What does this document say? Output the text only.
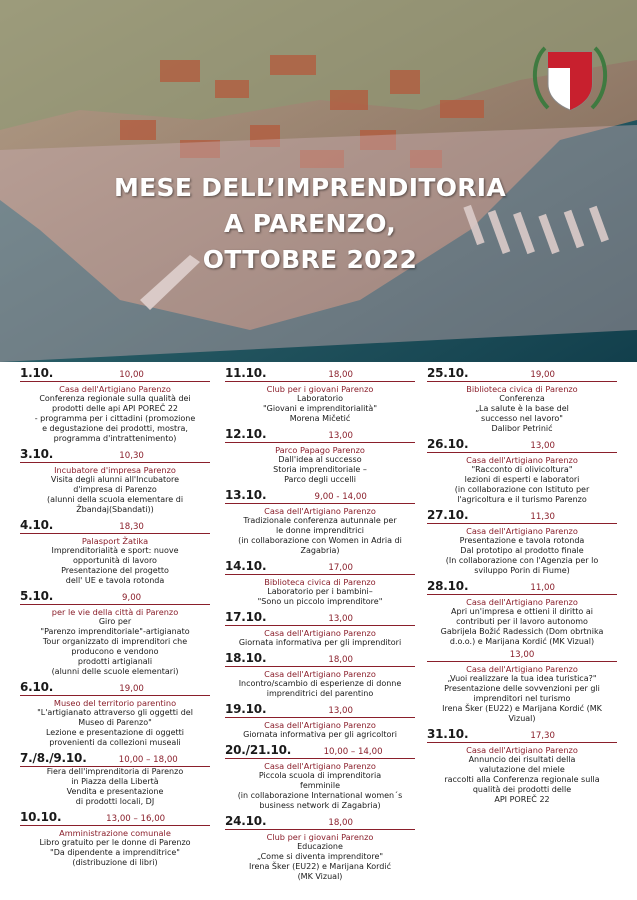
MESE DELL’IMPRENDITORIA
A PARENZO,
OTTOBRE 2022
1.10.	10,00
Casa dell'Artigiano Parenzo
Conferenza regionale sulla qualità dei
prodotti delle api API POREČ 22
- programma per i cittadini (promozione
e degustazione dei prodotti, mostra,
programma d'intrattenimento)
3.10.	10,30
Incubatore d'impresa Parenzo
Visita degli alunni all'Incubatore
d'impresa di Parenzo
(alunni della scuola elementare di
Žbandaj(Sbandati))
4.10.	18,30
Palasport Žatika
Imprenditorialità e sport: nuove
opportunità di lavoro
Presentazione del progetto
dell' UE e tavola rotonda
5.10.	9,00
per le vie della città di Parenzo
Giro per
"Parenzo imprenditoriale"-artigianato
Tour organizzato di imprenditori che
producono e vendono
prodotti artigianali
(alunni delle scuole elementari)
6.10.	19,00
Museo del territorio parentino
"L'artigianato attraverso gli oggetti del
Museo di Parenzo"
Lezione e presentazione di oggetti
provenienti da collezioni museali
7./8./9.10.	10,00 – 18,00
Fiera dell'imprenditoria di Parenzo
in Piazza della Libertà
Vendita e presentazione
di prodotti locali, DJ
10.10.	13,00 – 16,00
Amministrazione comunale
Libro gratuito per le donne di Parenzo
"Da dipendente a imprenditrice"
(distribuzione di libri)
11.10.	18,00
Club per i giovani Parenzo
Laboratorio
"Giovani e imprenditorialità"
Morena Mičetić
12.10.	13,00
Parco Papago Parenzo
Dall'idea al successo
Storia imprenditoriale –
Parco degli uccelli
13.10.	9,00 - 14,00
Casa dell'Artigiano Parenzo
Tradizionale conferenza autunnale per
le donne imprenditrici
(in collaborazione con Women in Adria di
Zagabria)
14.10.	17,00
Biblioteca civica di Parenzo
Laboratorio per i bambini–
"Sono un piccolo imprenditore"
17.10.	13,00
Casa dell'Artigiano Parenzo
Giornata informativa per gli imprenditori
18.10.	18,00
Casa dell'Artigiano Parenzo
Incontro/scambio di esperienze di donne
imprenditrici del parentino
19.10.	13,00
Casa dell'Artigiano Parenzo
Giornata informativa per gli agricoltori
20./21.10.	10,00 – 14,00
Casa dell'Artigiano Parenzo
Piccola scuola di imprenditoria
femminile
(in collaborazione International women´s
business network di Zagabria)
24.10.	18,00
Club per i giovani Parenzo
Educazione
„Come si diventa imprenditore"
Irena Šker (EU22) e Marijana Kordić
(MK Vizual)
25.10.	19,00
Biblioteca civica di Parenzo
Conferenza
„La salute è la base del
successo nel lavoro"
Dalibor Petrinić
26.10.	13,00
Casa dell'Artigiano Parenzo
"Racconto di olivicoltura"
lezioni di esperti e laboratori
(in collaborazione con Istituto per
l'agricoltura e il turismo Parenzo
27.10.	11,30
Casa dell'Artigiano Parenzo
Presentazione e tavola rotonda
Dal prototipo al prodotto finale
(In collaborazione con l'Agenzia per lo
sviluppo Porin di Fiume)
28.10.	11,00
Casa dell'Artigiano Parenzo
Apri un'impresa e ottieni il diritto ai
contributi per il lavoro autonomo
Gabrijela Božić Radessich (Dom obrtnika
d.o.o.) e Marijana Kordić (MK Vizual)
13,00
Casa dell'Artigiano Parenzo
„Vuoi realizzare la tua idea turistica?"
Presentazione delle sovvenzioni per gli
imprenditori nel turismo
Irena Šker (EU22) e Marijana Kordić (MK
Vizual)
31.10.	17,30
Casa dell'Artigiano Parenzo
Annuncio dei risultati della
valutazione del miele
raccolti alla Conferenza regionale sulla
qualità dei prodotti delle
API POREČ 22
